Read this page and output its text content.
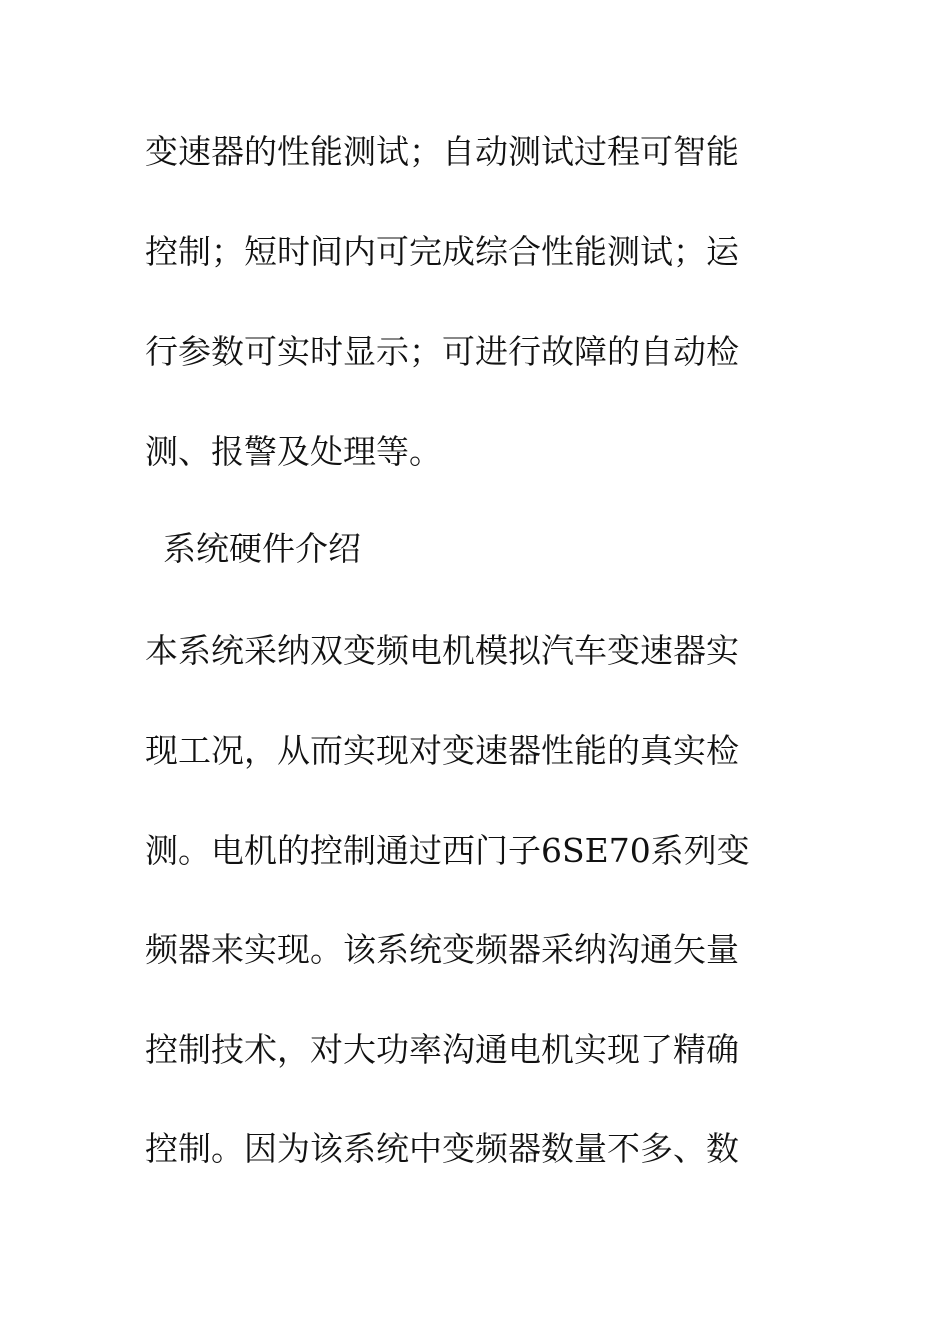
变速器的性能测试；自动测试过程可智能
控制；短时间内可完成综合性能测试；运
行参数可实时显示；可进行故障的自动检
测、报警及处理等。
系统硬件介绍
本系统采纳双变频电机模拟汽车变速器实
现工况，从而实现对变速器性能的真实检
测。电机的控制通过西门子6SE70系列变
频器来实现。该系统变频器采纳沟通矢量
控制技术，对大功率沟通电机实现了精确
控制。因为该系统中变频器数量不多、数
